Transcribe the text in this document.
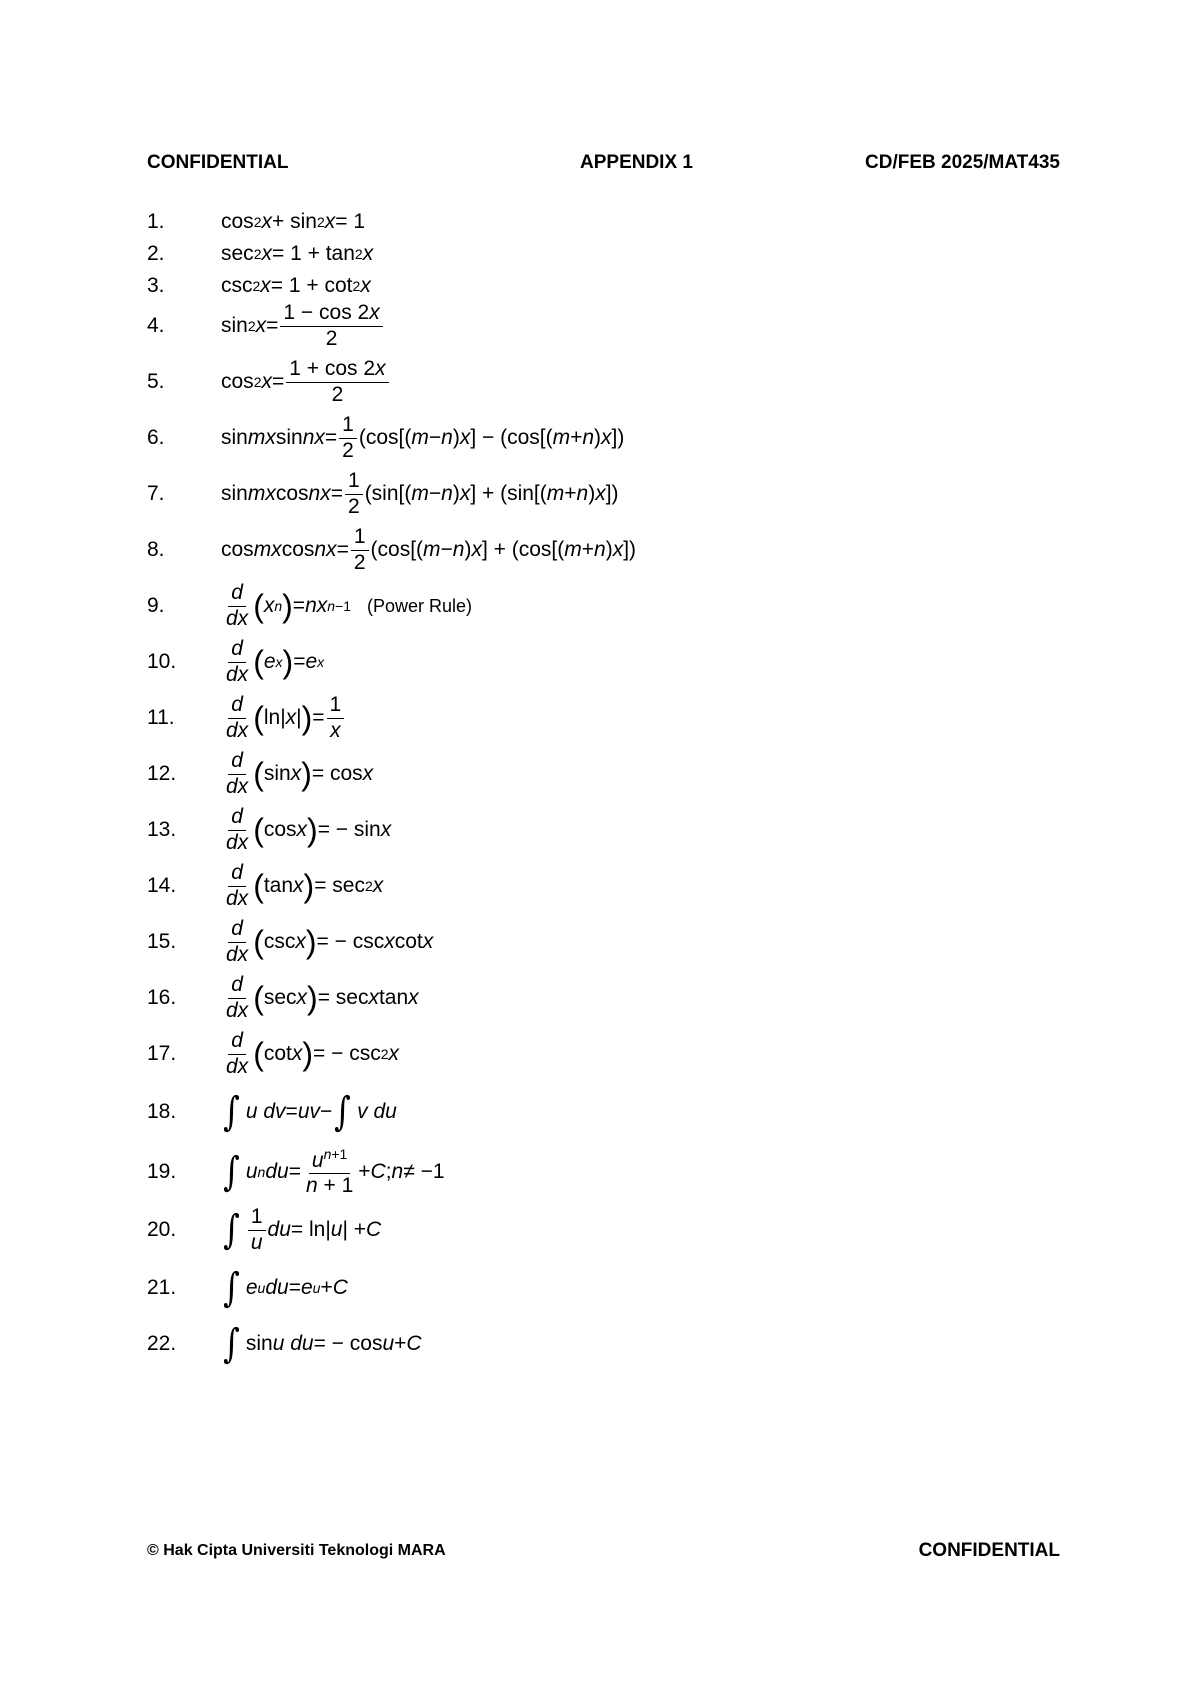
CONFIDENTIAL	APPENDIX 1	CD/FEB 2025/MAT435
1.	cos 2 x + sin 2 x = 1
2.	sec 2 x = 1 + tan 2 x
3.	csc 2 x = 1 + cot 2 x
4.	sin 2 $x = \frac{1 - \cos 2x}{2}$
5.	cos 2 $x = \frac{1 + \cos 2x}{2}$
6.	sin mx sin nx = $\frac{1}{2} (\cos$[( m − n ) x ] − (cos[( m + n ) x ])
7.	sin mx cos nx = $\frac{1}{2} (\sin$[( m − n ) x ] + (sin[( m + n ) x ])
8.	cos mx cos nx = $\frac{1}{2} (\cos$[( m − n ) x ] + (cos[( m + n ) x ])
9.	$\frac{d}{dx}$ ( x n ) = nx n−1 (Power Rule)
10. $\frac{d}{dx}$ ( e x ) = e x
11. $\frac{d}{dx}$ ( ln| x | ) = $\frac{1}{x}$
12. $\frac{d}{dx}$ ( sin x ) = cos x
13. $\frac{d}{dx}$ ( cos x ) = − sin x
14. $\frac{d}{dx}$ ( tan x ) = sec 2 x
15. $\frac{d}{dx}$ ( csc x ) = − csc x cot x
16. $\frac{d}{dx}$ ( sec x ) = sec x tan x
17. $\frac{d}{dx}$ ( cot x ) = − csc 2 x
18. ∫ u dv = uv − ∫ v du
19. ∫ u n du = $\frac{u^{n+1}}{n + 1} + C$ ; n ≠ −1
20. ∫ $\frac{1}{u}$ du = ln| u | + C
21. ∫ e u du = e u + C
22. ∫ sin u du = − cos u + C
© Hak Cipta Universiti Teknologi MARA	CONFIDENTIAL
